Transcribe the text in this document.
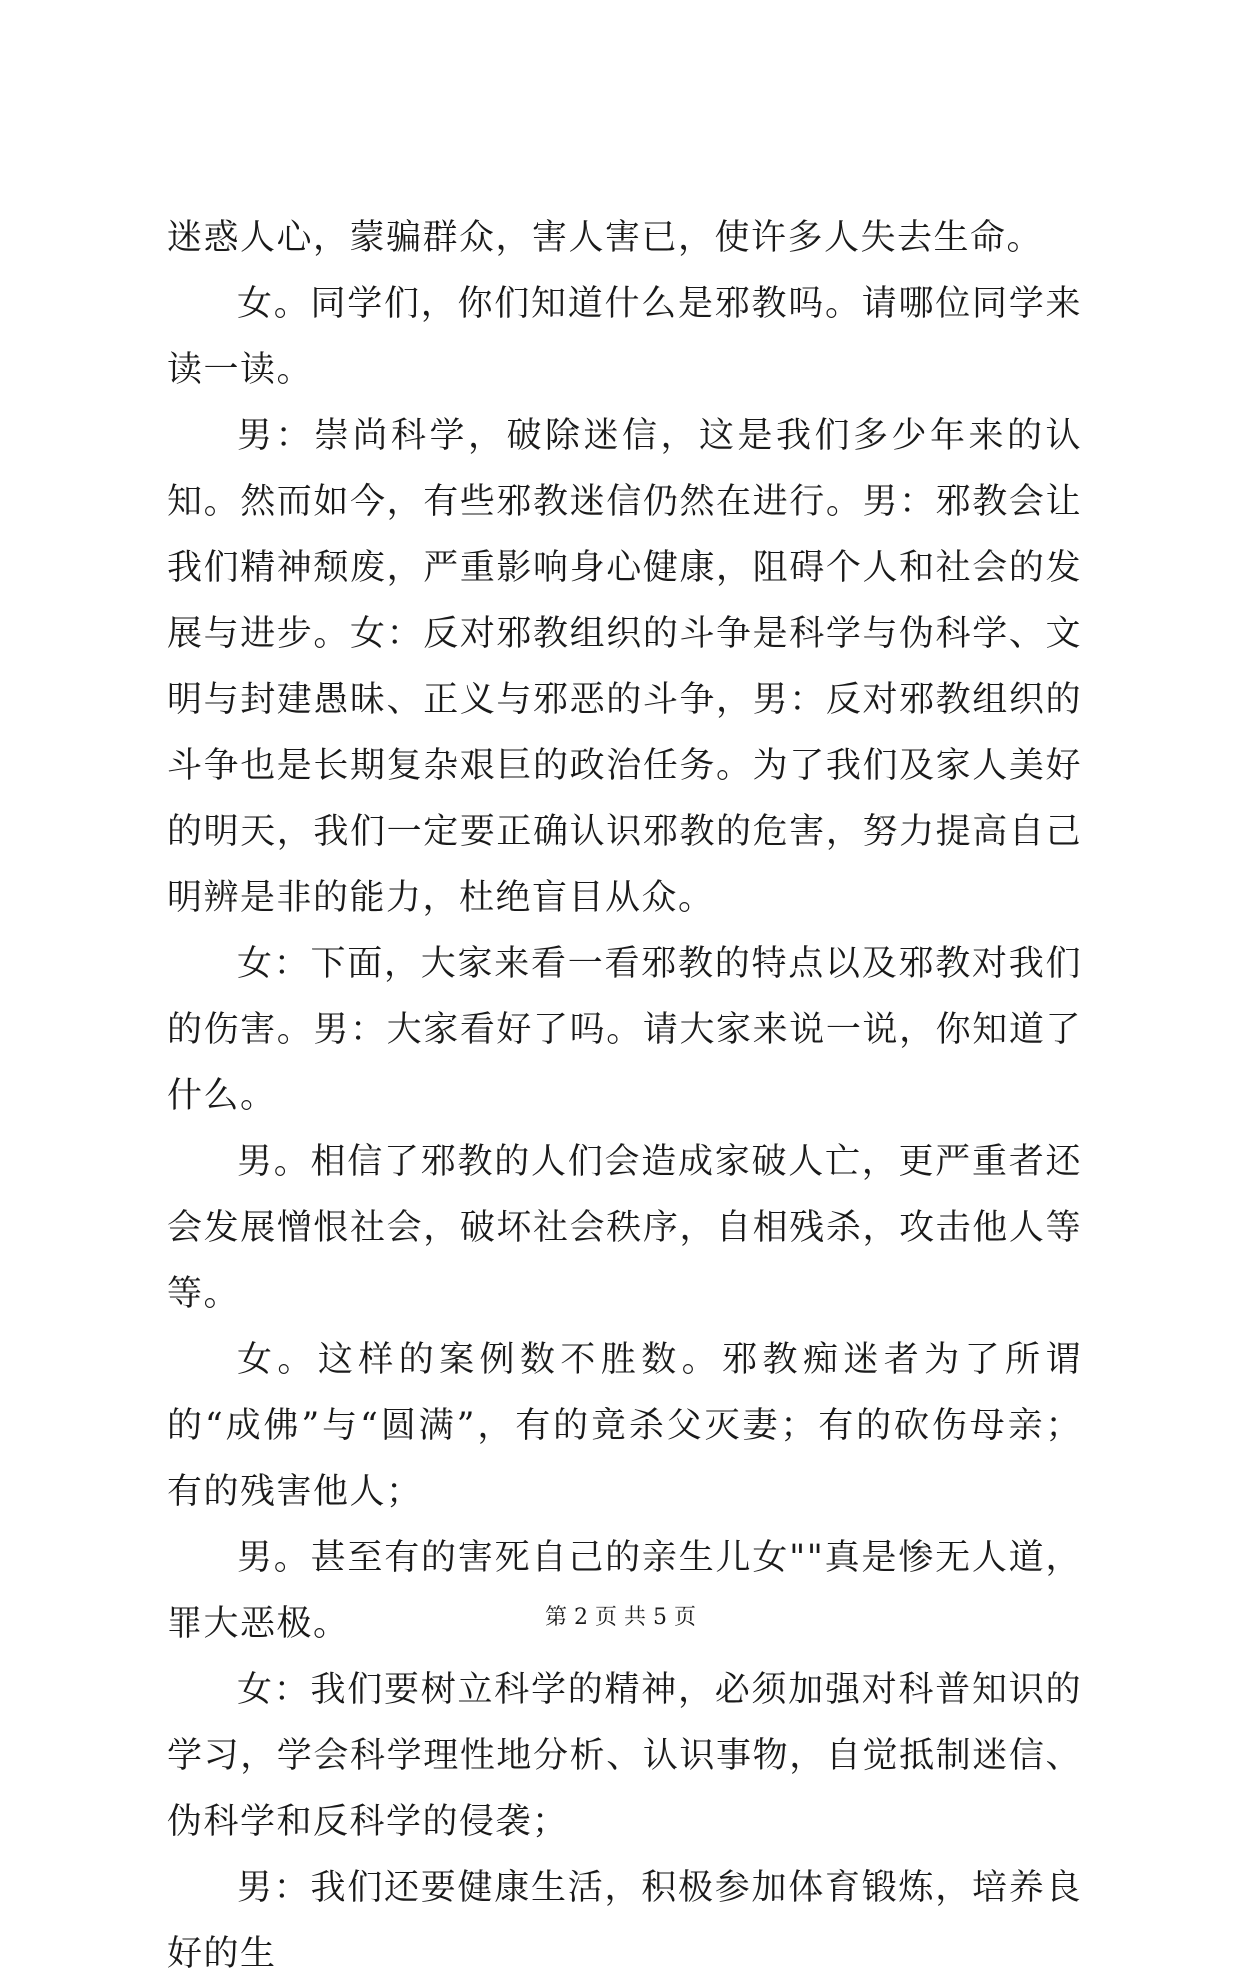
迷惑人心，蒙骗群众，害人害已，使许多人失去生命。

女。同学们，你们知道什么是邪教吗。请哪位同学来读一读。

男：崇尚科学，破除迷信，这是我们多少年来的认知。然而如今，有些邪教迷信仍然在进行。男：邪教会让我们精神颓废，严重影响身心健康，阻碍个人和社会的发展与进步。女：反对邪教组织的斗争是科学与伪科学、文明与封建愚昧、正义与邪恶的斗争，男：反对邪教组织的斗争也是长期复杂艰巨的政治任务。为了我们及家人美好的明天，我们一定要正确认识邪教的危害，努力提高自己明辨是非的能力，杜绝盲目从众。

女：下面，大家来看一看邪教的特点以及邪教对我们的伤害。男：大家看好了吗。请大家来说一说，你知道了什么。

男。相信了邪教的人们会造成家破人亡，更严重者还会发展憎恨社会，破坏社会秩序，自相残杀，攻击他人等等。

女。这样的案例数不胜数。邪教痴迷者为了所谓的“成佛”与“圆满”，有的竟杀父灭妻；有的砍伤母亲；有的残害他人；

男。甚至有的害死自己的亲生儿女""真是惨无人道，罪大恶极。

女：我们要树立科学的精神，必须加强对科普知识的学习，学会科学理性地分析、认识事物，自觉抵制迷信、伪科学和反科学的侵袭；

男：我们还要健康生活，积极参加体育锻炼，培养良好的生

第 2 页 共 5 页
